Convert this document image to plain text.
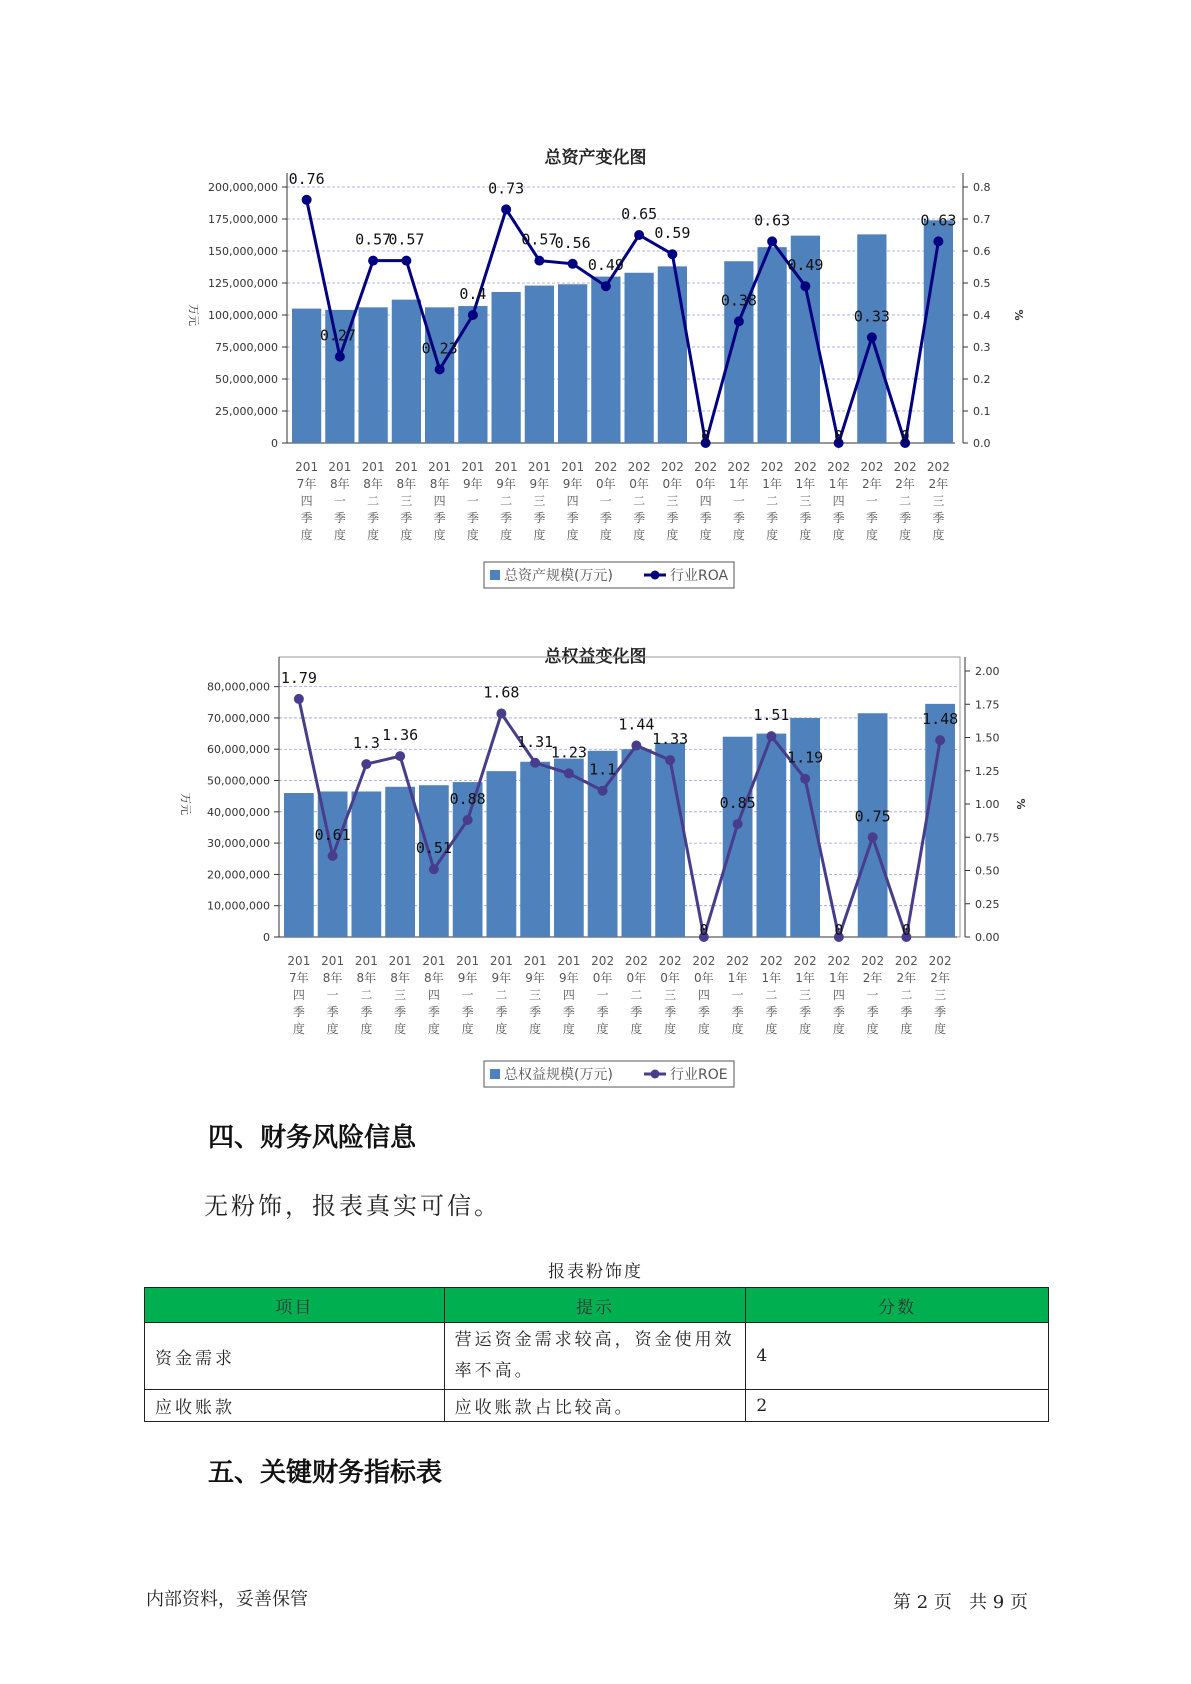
总资产变化图
0
25,000,000
50,000,000
75,000,000
100,000,000
125,000,000
150,000,000
175,000,000
200,000,000
0.0
0.1
0.2
0.3
0.4
0.5
0.6
0.7
0.8
万元	%
201
7年
四
季
度
201
8年
一
季
度
201
8年
二
季
度
201
8年
三
季
度
201
8年
四
季
度
201
9年
一
季
度
201
9年
二
季
度
201
9年
三
季
度
201
9年
四
季
度
202
0年
一
季
度
202
0年
二
季
度
202
0年
三
季
度
202
0年
四
季
度
202
1年
一
季
度
202
1年
二
季
度
202
1年
三
季
度
202
1年
四
季
度
202
2年
一
季
度
202
2年
二
季
度
202
2年
三
季
度
0.76
0.27
0.57
0.57
0.23
0.4
0.73
0.57
0.56
0.49
0.65
0.59
0
0.38
0.63
0.49
0
0.33
0
0.63
总资产规模(万元)	行业ROA
总权益变化图
0
10,000,000
20,000,000
30,000,000
40,000,000
50,000,000
60,000,000
70,000,000
80,000,000
0.00
0.25
0.50
0.75
1.00
1.25
1.50
1.75
2.00
万元	%
201
7年
四
季
度
201
8年
一
季
度
201
8年
二
季
度
201
8年
三
季
度
201
8年
四
季
度
201
9年
一
季
度
201
9年
二
季
度
201
9年
三
季
度
201
9年
四
季
度
202
0年
一
季
度
202
0年
二
季
度
202
0年
三
季
度
202
0年
四
季
度
202
1年
一
季
度
202
1年
二
季
度
202
1年
三
季
度
202
1年
四
季
度
202
2年
一
季
度
202
2年
二
季
度
202
2年
三
季
度
1.79
0.61
1.3 1.36
0.51
0.88
1.68
1.31
1.23
1.1
1.44
1.33
0
0.85
1.51
1.19
0
0.75
0
1.48
总权益规模(万元)	行业ROE
四、财务风险信息
无粉饰，报表真实可信。
报表粉饰度
项目	提示	分数
资金需求	营运资金需求较高，资金使用效率不高。	4
应收账款	应收账款占比较高。	2
五、关键财务指标表
内部资料，妥善保管	第 2 页   共 9 页
